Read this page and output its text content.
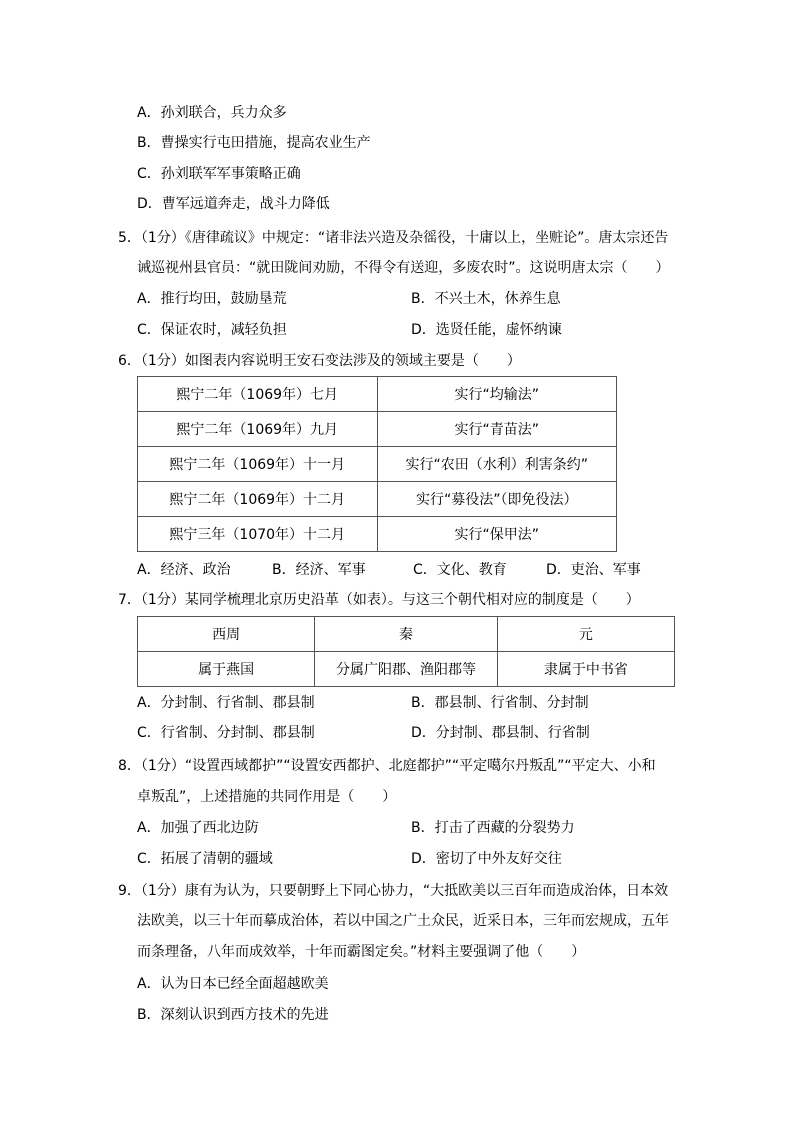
A．孙刘联合，兵力众多
B．曹操实行屯田措施，提高农业生产
C．孙刘联军军事策略正确
D．曹军远道奔走，战斗力降低
5．（1分）《唐律疏议》中规定：“诸非法兴造及杂徭役，十庸以上，坐赃论”。唐太宗还告
诫巡视州县官员：“就田陇间劝励，不得令有送迎，多废农时”。这说明唐太宗（　　）
A．推行均田，鼓励垦荒	B．不兴土木，休养生息
C．保证农时，减轻负担	D．选贤任能，虚怀纳谏
6．（1分）如图表内容说明王安石变法涉及的领域主要是（　　）
熙宁二年（1069年）七月	实行“均输法”
熙宁二年（1069年）九月	实行“青苗法”
熙宁二年（1069年）十一月	实行“农田（水利）利害条约”
熙宁二年（1069年）十二月	实行“募役法”（即免役法）
熙宁三年（1070年）十二月	实行“保甲法”
A．经济、政治	B．经济、军事	C．文化、教育	D．吏治、军事
7．（1分）某同学梳理北京历史沿革（如表）。与这三个朝代相对应的制度是（　　）
西周	秦	元
属于燕国	分属广阳郡、渔阳郡等	隶属于中书省
A．分封制、行省制、郡县制	B．郡县制、行省制、分封制
C．行省制、分封制、郡县制	D．分封制、郡县制、行省制
8．（1分）“设置西域都护”“设置安西都护、北庭都护”“平定噶尔丹叛乱”“平定大、小和
卓叛乱”，上述措施的共同作用是（　　）
A．加强了西北边防	B．打击了西藏的分裂势力
C．拓展了清朝的疆域	D．密切了中外友好交往
9．（1分）康有为认为，只要朝野上下同心协力，“大抵欧美以三百年而造成治体，日本效
法欧美，以三十年而摹成治体，若以中国之广土众民，近采日本，三年而宏规成，五年
而条理备，八年而成效举，十年而霸图定矣。”材料主要强调了他（　　）
A．认为日本已经全面超越欧美
B．深刻认识到西方技术的先进
